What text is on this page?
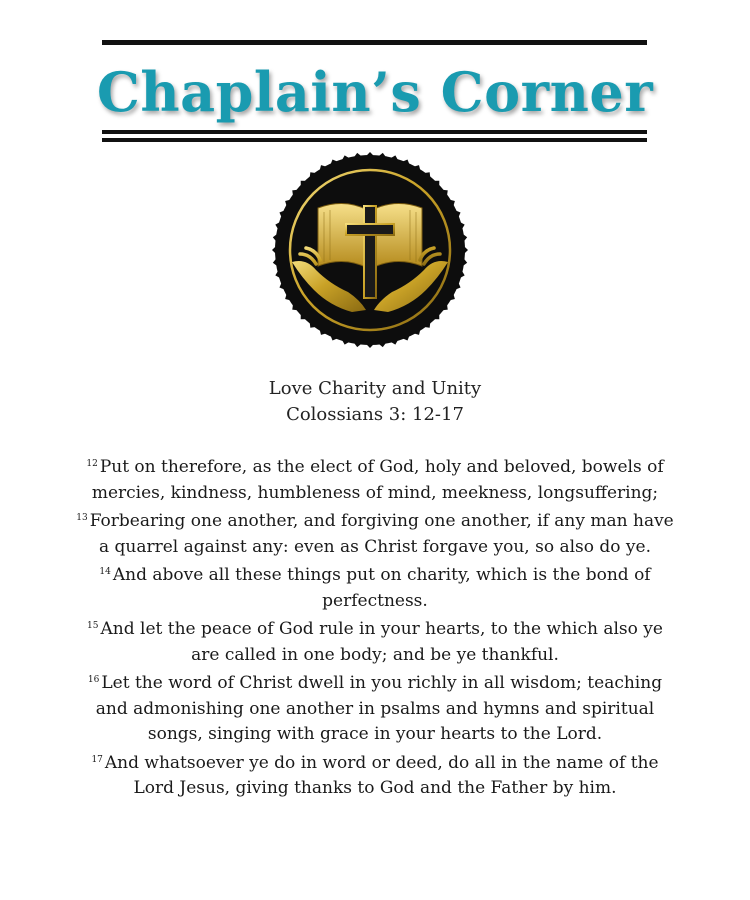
Chaplain’s Corner
Love Charity and Unity
Colossians 3: 12-17
$^{12}$ Put on therefore, as the elect of God, holy and beloved, bowels of
mercies, kindness, humbleness of mind, meekness, longsuffering;
$^{13}$ Forbearing one another, and forgiving one another, if any man have
a quarrel against any: even as Christ forgave you, so also do ye.
$^{14}$ And above all these things put on charity, which is the bond of
perfectness.
$^{15}$ And let the peace of God rule in your hearts, to the which also ye
are called in one body; and be ye thankful.
$^{16}$ Let the word of Christ dwell in you richly in all wisdom; teaching
and admonishing one another in psalms and hymns and spiritual
songs, singing with grace in your hearts to the Lord.
$^{17}$ And whatsoever ye do in word or deed, do all in the name of the
Lord Jesus, giving thanks to God and the Father by him.
